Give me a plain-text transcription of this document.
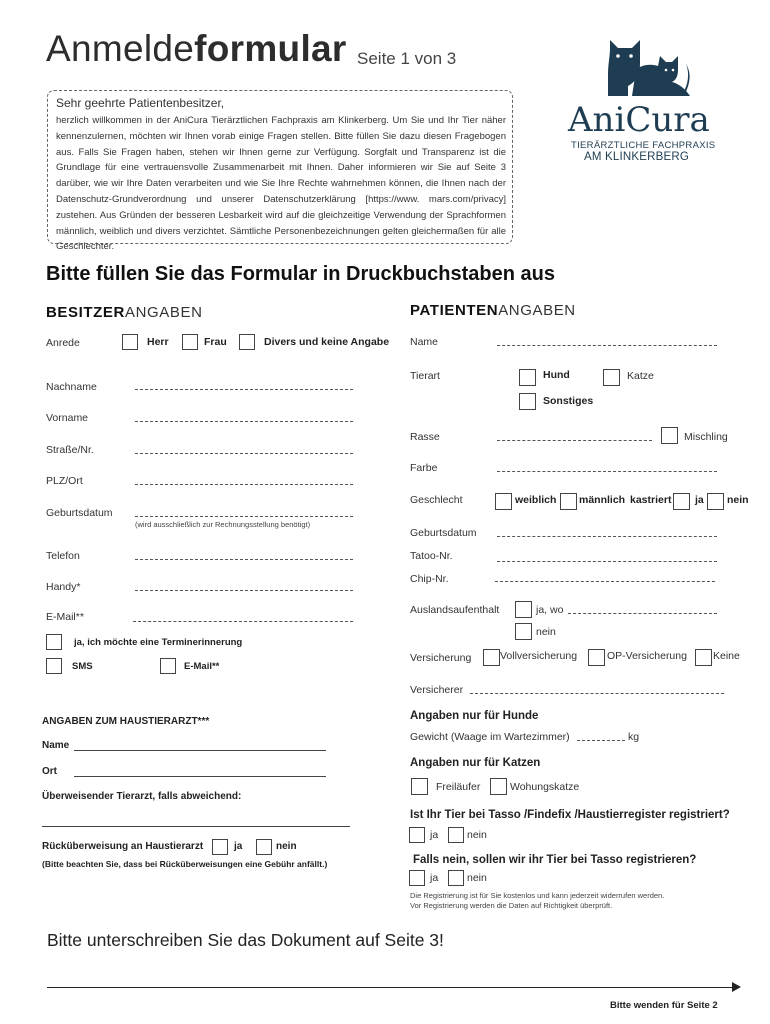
Anmeldeformular Seite 1 von 3
AniCura
TIERÄRZTLICHE FACHPRAXIS
AM KLINKERBERG
Sehr geehrte Patientenbesitzer,
herzlich willkommen in der AniCura Tierärztlichen Fachpraxis am Klinkerberg. Um Sie und Ihr Tier näher kennenzulernen, möchten wir Ihnen vorab einige Fragen stellen. Bitte füllen Sie dazu diesen Fragebogen aus. Falls Sie Fragen haben, stehen wir Ihnen gerne zur Verfügung. Sorgfalt und Transparenz ist die Grundlage für eine vertrauensvolle Zusammenarbeit mit Ihnen. Daher informieren wir Sie auf Seite 3 darüber, wie wir Ihre Daten verarbeiten und wie Sie Ihre Rechte wahrnehmen können, die Ihnen nach der Datenschutz-Grundverordnung und unserer Datenschutzerklärung [https://www. mars.com/privacy] zustehen. Aus Gründen der besseren Lesbarkeit wird auf die gleichzeitige Verwendung der Sprachformen männlich, weiblich und divers verzichtet. Sämtliche Personenbezeichnungen gelten gleichermaßen für alle Geschlechter.
Bitte füllen Sie das Formular in Druckbuchstaben aus
BESITZERANGABEN
Anrede	Herr	Frau	Divers und keine Angabe
Nachname
Vorname
Straße/Nr.
PLZ/Ort
Geburtsdatum
(wird ausschließlich zur Rechnungsstellung benötigt)
Telefon
Handy*
E-Mail**
ja, ich möchte eine Terminerinnerung
SMS	E-Mail**
ANGABEN ZUM HAUSTIERARZT***
Name
Ort
Überweisender Tierarzt, falls abweichend:
Rücküberweisung an Haustierarzt	ja	nein
(Bitte beachten Sie, dass bei Rücküberweisungen eine Gebühr anfällt.)
PATIENTENANGABEN
Name
Tierart	Hund	Katze
Sonstiges
Rasse	Mischling
Farbe
Geschlecht	weiblich männlich kastriert ja nein
Geburtsdatum
Tatoo-Nr.
Chip-Nr.
Auslandsaufenthalt	ja, wo
nein
Versicherung	Vollversicherung	OP-Versicherung Keine
Versicherer
Angaben nur für Hunde
Gewicht (Waage im Wartezimmer)	kg
Angaben nur für Katzen
Freiläufer	Wohungskatze
Ist Ihr Tier bei Tasso /Findefix /Haustierregister registriert?
ja	nein
Falls nein, sollen wir ihr Tier bei Tasso registrieren?
ja	nein
Die Registrierung ist für Sie kostenlos und kann jederzeit widerrufen werden.
Vor Registrierung werden die Daten auf Richtigkeit überprüft.
Bitte unterschreiben Sie das Dokument auf Seite 3!
Bitte wenden für Seite 2
